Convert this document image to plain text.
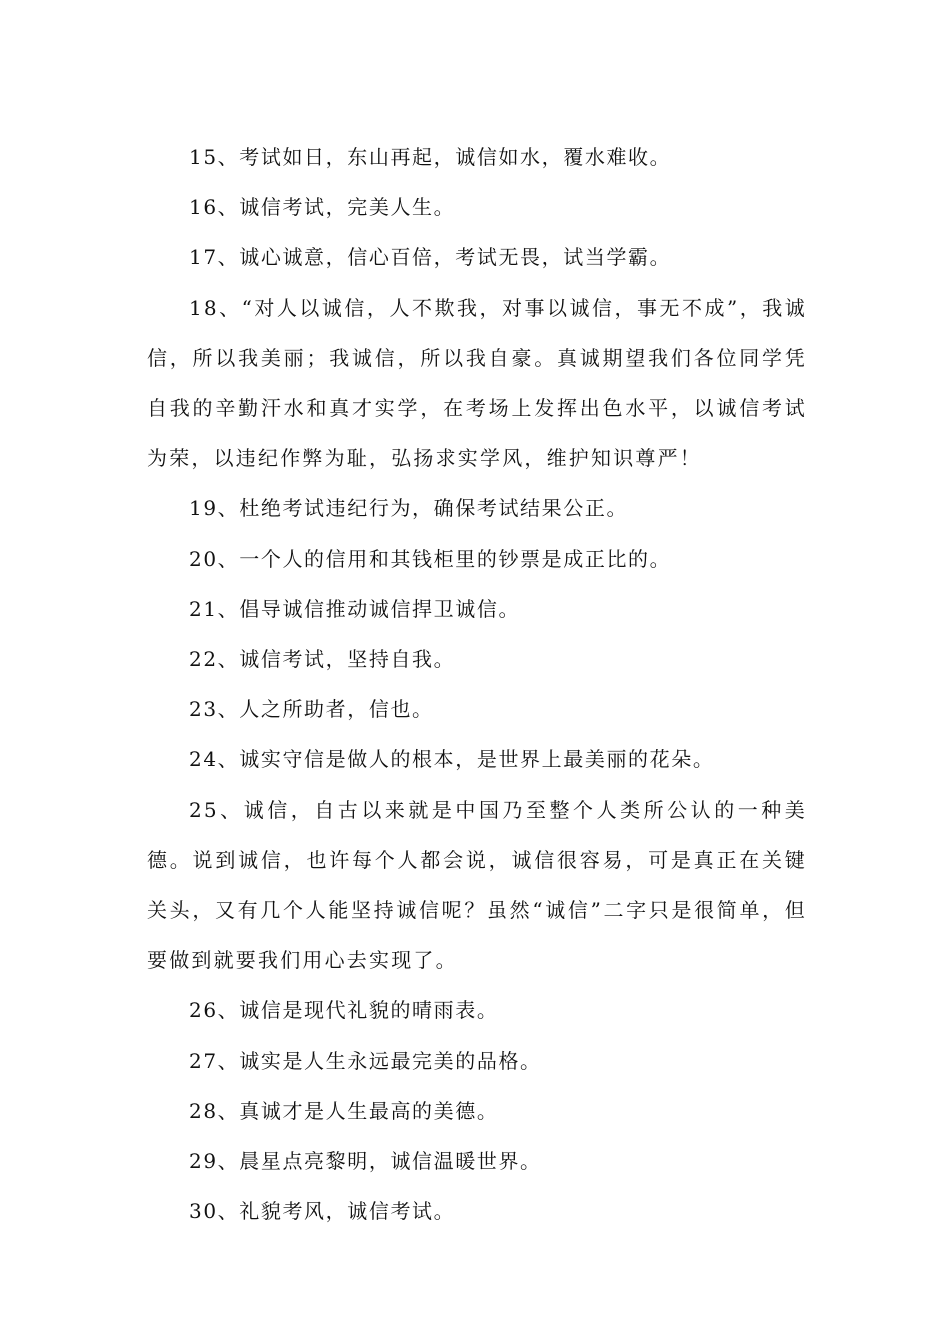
15、考试如日，东山再起，诚信如水，覆水难收。

16、诚信考试，完美人生。

17、诚心诚意，信心百倍，考试无畏，试当学霸。

18、“对人以诚信，人不欺我，对事以诚信，事无不成”，我诚信，所以我美丽；我诚信，所以我自豪。真诚期望我们各位同学凭自我的辛勤汗水和真才实学，在考场上发挥出色水平，以诚信考试为荣，以违纪作弊为耻，弘扬求实学风，维护知识尊严！

19、杜绝考试违纪行为，确保考试结果公正。

20、一个人的信用和其钱柜里的钞票是成正比的。

21、倡导诚信推动诚信捍卫诚信。

22、诚信考试，坚持自我。

23、人之所助者，信也。

24、诚实守信是做人的根本，是世界上最美丽的花朵。

25、诚信，自古以来就是中国乃至整个人类所公认的一种美德。说到诚信，也许每个人都会说，诚信很容易，可是真正在关键关头，又有几个人能坚持诚信呢？虽然“诚信”二字只是很简单，但要做到就要我们用心去实现了。

26、诚信是现代礼貌的晴雨表。

27、诚实是人生永远最完美的品格。

28、真诚才是人生最高的美德。

29、晨星点亮黎明，诚信温暖世界。

30、礼貌考风，诚信考试。
